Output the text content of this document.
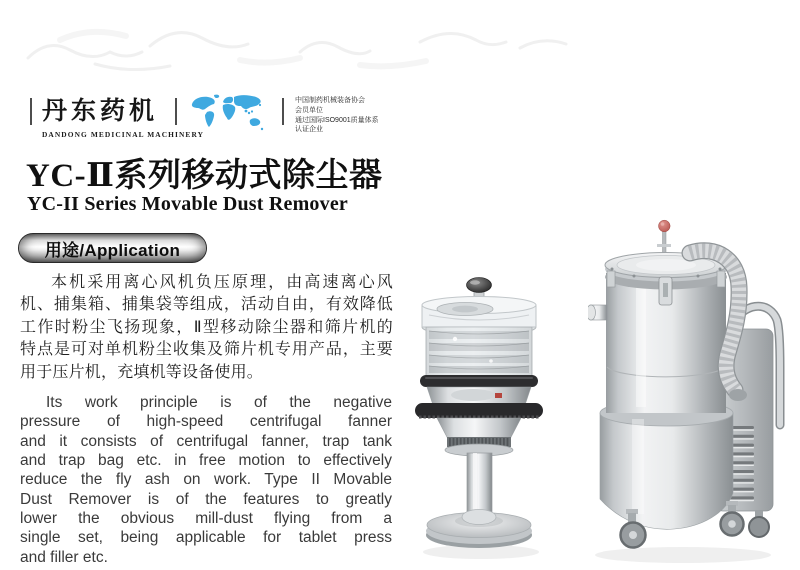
丹东药机
DANDONG MEDICINAL MACHINERY
中国制药机械装备协会
会员单位
通过国际ISO9001质量体系
认证企业
YC-Ⅱ系列移动式除尘器
YC-II Series Movable Dust Remover
用途/Application
本机采用离心风机负压原理，由高速离心风
机、捕集箱、捕集袋等组成，活动自由，有效降低
工作时粉尘飞扬现象，Ⅱ型移动除尘器和筛片机的
特点是可对单机粉尘收集及筛片机专用产品，主要
用于压片机，充填机等设备使用。
Its work principle is of the negative
pressure of high-speed centrifugal fanner
and it consists of centrifugal fanner, trap tank
and trap bag etc. in free motion to effectively
reduce the fly ash on work. Type II Movable
Dust Remover is of the features to greatly
lower the obvious mill-dust flying from a
single set, being applicable for tablet press
and filler etc.
